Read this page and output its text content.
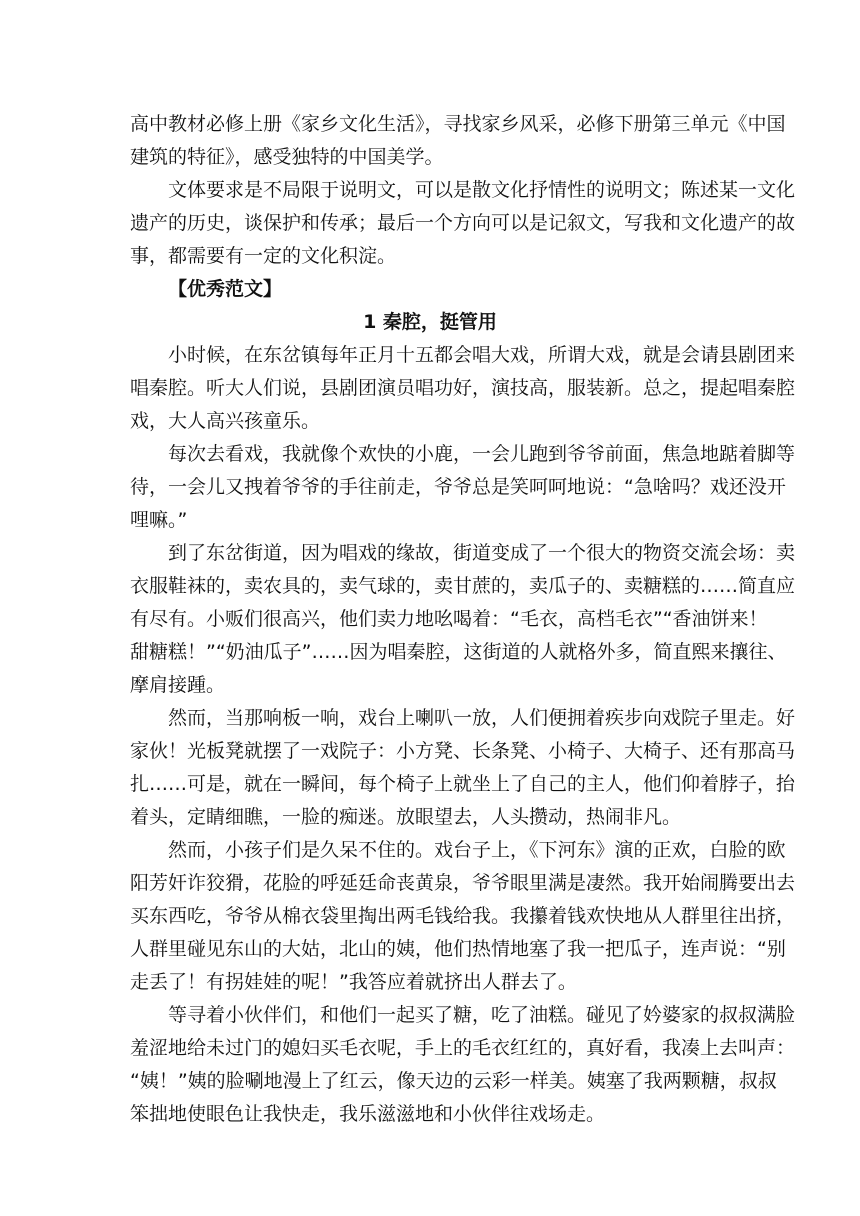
高中教材必修上册《家乡文化生活》，寻找家乡风采，必修下册第三单元《中国

建筑的特征》，感受独特的中国美学。

文体要求是不局限于说明文，可以是散文化抒情性的说明文；陈述某一文化

遗产的历史，谈保护和传承；最后一个方向可以是记叙文，写我和文化遗产的故

事，都需要有一定的文化积淀。

【优秀范文】

1 秦腔，挺管用

小时候，在东岔镇每年正月十五都会唱大戏，所谓大戏，就是会请县剧团来

唱秦腔。听大人们说，县剧团演员唱功好，演技高，服装新。总之，提起唱秦腔

戏，大人高兴孩童乐。

每次去看戏，我就像个欢快的小鹿，一会儿跑到爷爷前面，焦急地踮着脚等

待，一会儿又拽着爷爷的手往前走，爷爷总是笑呵呵地说：“急啥吗？戏还没开

哩嘛。”

到了东岔街道，因为唱戏的缘故，街道变成了一个很大的物资交流会场：卖

衣服鞋袜的，卖农具的，卖气球的，卖甘蔗的，卖瓜子的、卖糖糕的……简直应

有尽有。小贩们很高兴，他们卖力地吆喝着：“毛衣，高档毛衣”“香油饼来！

甜糖糕！”“奶油瓜子”……因为唱秦腔，这街道的人就格外多，简直熙来攘往、

摩肩接踵。

然而，当那响板一响，戏台上喇叭一放，人们便拥着疾步向戏院子里走。好

家伙！光板凳就摆了一戏院子：小方凳、长条凳、小椅子、大椅子、还有那高马

扎……可是，就在一瞬间，每个椅子上就坐上了自己的主人，他们仰着脖子，抬

着头，定睛细瞧，一脸的痴迷。放眼望去，人头攒动，热闹非凡。

然而，小孩子们是久呆不住的。戏台子上，《下河东》演的正欢，白脸的欧

阳芳奸诈狡猾，花脸的呼延廷命丧黄泉，爷爷眼里满是凄然。我开始闹腾要出去

买东西吃，爷爷从棉衣袋里掏出两毛钱给我。我攥着钱欢快地从人群里往出挤，

人群里碰见东山的大姑，北山的姨，他们热情地塞了我一把瓜子，连声说：“别

走丢了！有拐娃娃的呢！”我答应着就挤出人群去了。

等寻着小伙伴们，和他们一起买了糖，吃了油糕。碰见了妗婆家的叔叔满脸

羞涩地给未过门的媳妇买毛衣呢，手上的毛衣红红的，真好看，我凑上去叫声：

“姨！”姨的脸唰地漫上了红云，像天边的云彩一样美。姨塞了我两颗糖，叔叔

笨拙地使眼色让我快走，我乐滋滋地和小伙伴往戏场走。
